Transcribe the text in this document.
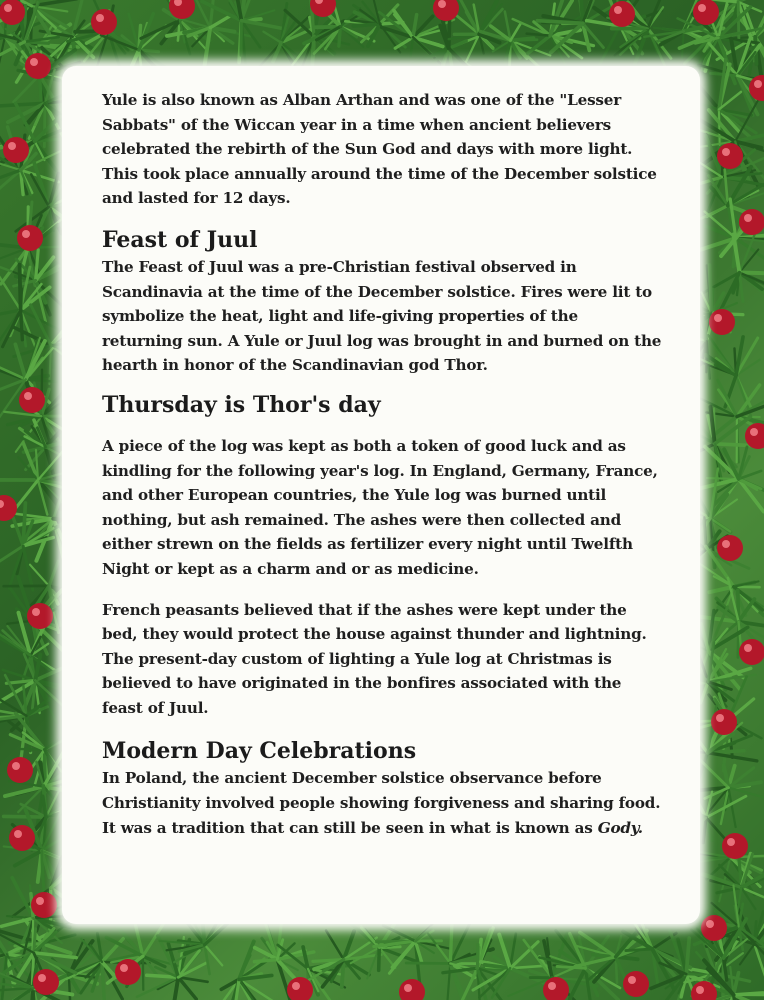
Yule is also known as Alban Arthan and was one of the "Lesser Sabbats" of the Wiccan year in a time when ancient believers celebrated the rebirth of the Sun God and days with more light. This took place annually around the time of the December solstice and lasted for 12 days.

Feast of Juul

The Feast of Juul was a pre-Christian festival observed in Scandinavia at the time of the December solstice. Fires were lit to symbolize the heat, light and life-giving properties of the returning sun. A Yule or Juul log was brought in and burned on the hearth in honor of the Scandinavian god Thor.

Thursday is Thor's day

A piece of the log was kept as both a token of good luck and as kindling for the following year's log. In England, Germany, France, and other European countries, the Yule log was burned until nothing, but ash remained. The ashes were then collected and either strewn on the fields as fertilizer every night until Twelfth Night or kept as a charm and or as medicine.

French peasants believed that if the ashes were kept under the bed, they would protect the house against thunder and lightning. The present-day custom of lighting a Yule log at Christmas is believed to have originated in the bonfires associated with the feast of Juul.

Modern Day Celebrations

In Poland, the ancient December solstice observance before Christianity involved people showing forgiveness and sharing food. It was a tradition that can still be seen in what is known as Gody.
